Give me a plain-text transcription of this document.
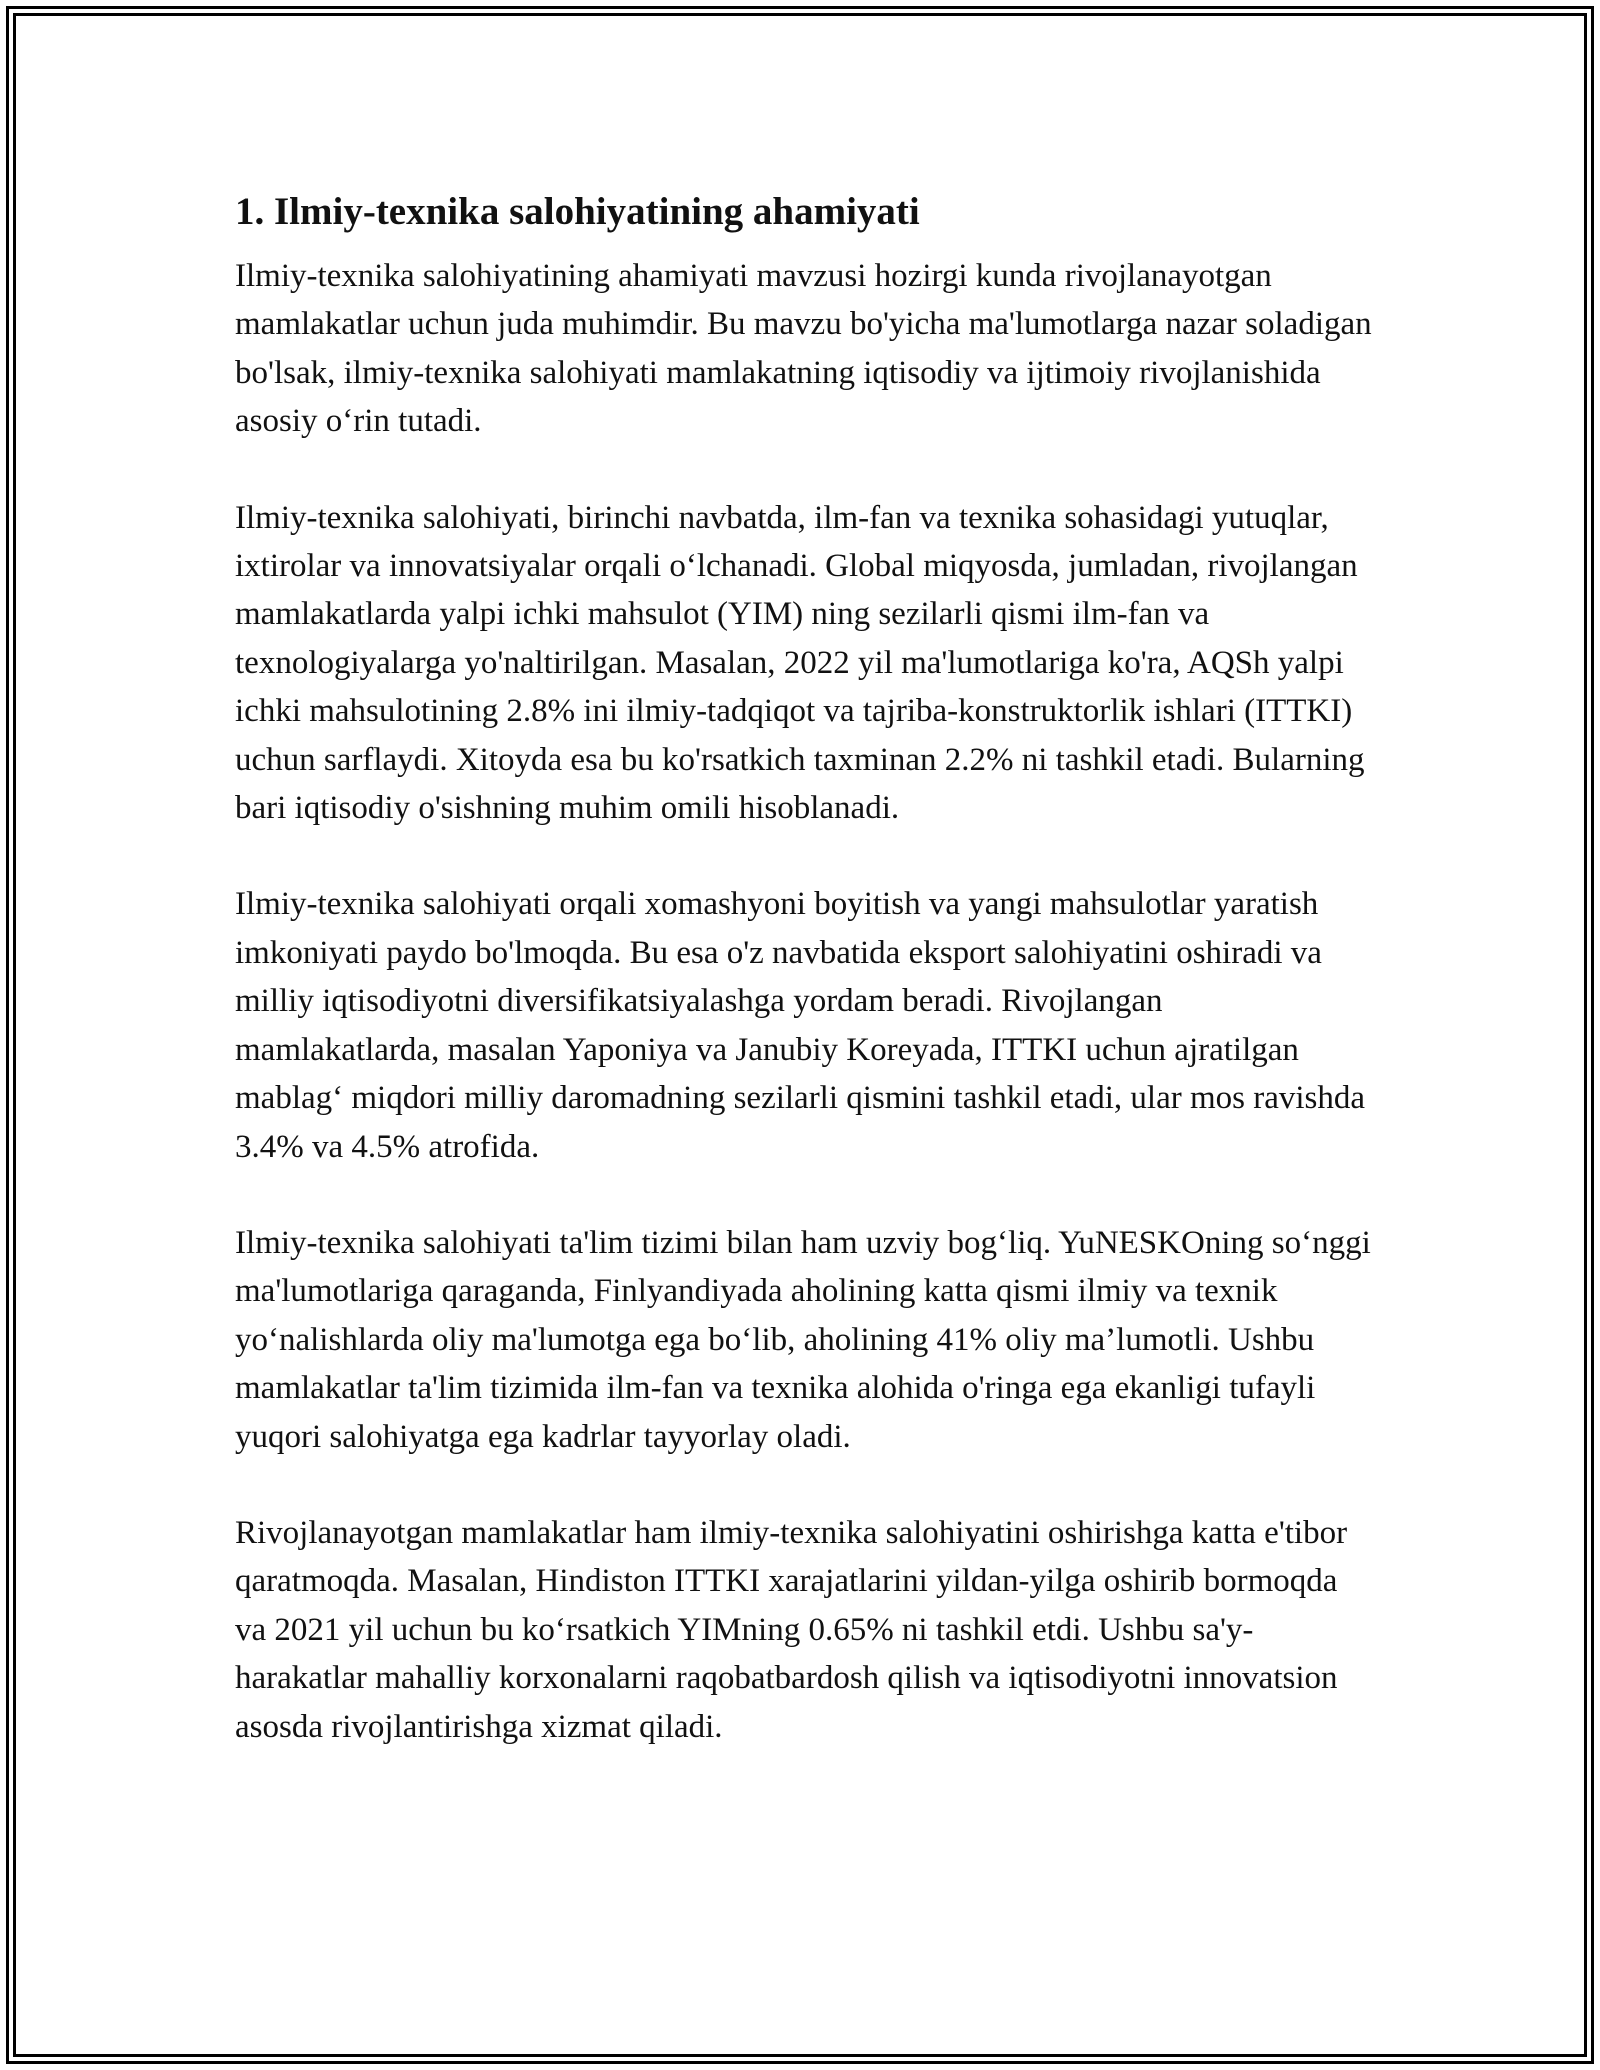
1. Ilmiy-texnika salohiyatining ahamiyati

Ilmiy-texnika salohiyatining ahamiyati mavzusi hozirgi kunda rivojlanayotgan mamlakatlar uchun juda muhimdir. Bu mavzu bo'yicha ma'lumotlarga nazar soladigan bo'lsak, ilmiy-texnika salohiyati mamlakatning iqtisodiy va ijtimoiy rivojlanishida asosiy o‘rin tutadi.

Ilmiy-texnika salohiyati, birinchi navbatda, ilm-fan va texnika sohasidagi yutuqlar, ixtirolar va innovatsiyalar orqali o‘lchanadi. Global miqyosda, jumladan, rivojlangan mamlakatlarda yalpi ichki mahsulot (YIM) ning sezilarli qismi ilm-fan va texnologiyalarga yo'naltirilgan. Masalan, 2022 yil ma'lumotlariga ko'ra, AQSh yalpi ichki mahsulotining 2.8% ini ilmiy-tadqiqot va tajriba-konstruktorlik ishlari (ITTKI) uchun sarflaydi. Xitoyda esa bu ko'rsatkich taxminan 2.2% ni tashkil etadi. Bularning bari iqtisodiy o'sishning muhim omili hisoblanadi.

Ilmiy-texnika salohiyati orqali xomashyoni boyitish va yangi mahsulotlar yaratish imkoniyati paydo bo'lmoqda. Bu esa o'z navbatida eksport salohiyatini oshiradi va milliy iqtisodiyotni diversifikatsiyalashga yordam beradi. Rivojlangan mamlakatlarda, masalan Yaponiya va Janubiy Koreyada, ITTKI uchun ajratilgan mablag‘ miqdori milliy daromadning sezilarli qismini tashkil etadi, ular mos ravishda 3.4% va 4.5% atrofida.

Ilmiy-texnika salohiyati ta'lim tizimi bilan ham uzviy bog‘liq. YuNESKOning so‘nggi ma'lumotlariga qaraganda, Finlyandiyada aholining katta qismi ilmiy va texnik yo‘nalishlarda oliy ma'lumotga ega bo‘lib, aholining 41% oliy ma’lumotli. Ushbu mamlakatlar ta'lim tizimida ilm-fan va texnika alohida o'ringa ega ekanligi tufayli yuqori salohiyatga ega kadrlar tayyorlay oladi.

Rivojlanayotgan mamlakatlar ham ilmiy-texnika salohiyatini oshirishga katta e'tibor qaratmoqda. Masalan, Hindiston ITTKI xarajatlarini yildan-yilga oshirib bormoqda va 2021 yil uchun bu ko‘rsatkich YIMning 0.65% ni tashkil etdi. Ushbu sa'y-harakatlar mahalliy korxonalarni raqobatbardosh qilish va iqtisodiyotni innovatsion asosda rivojlantirishga xizmat qiladi.
